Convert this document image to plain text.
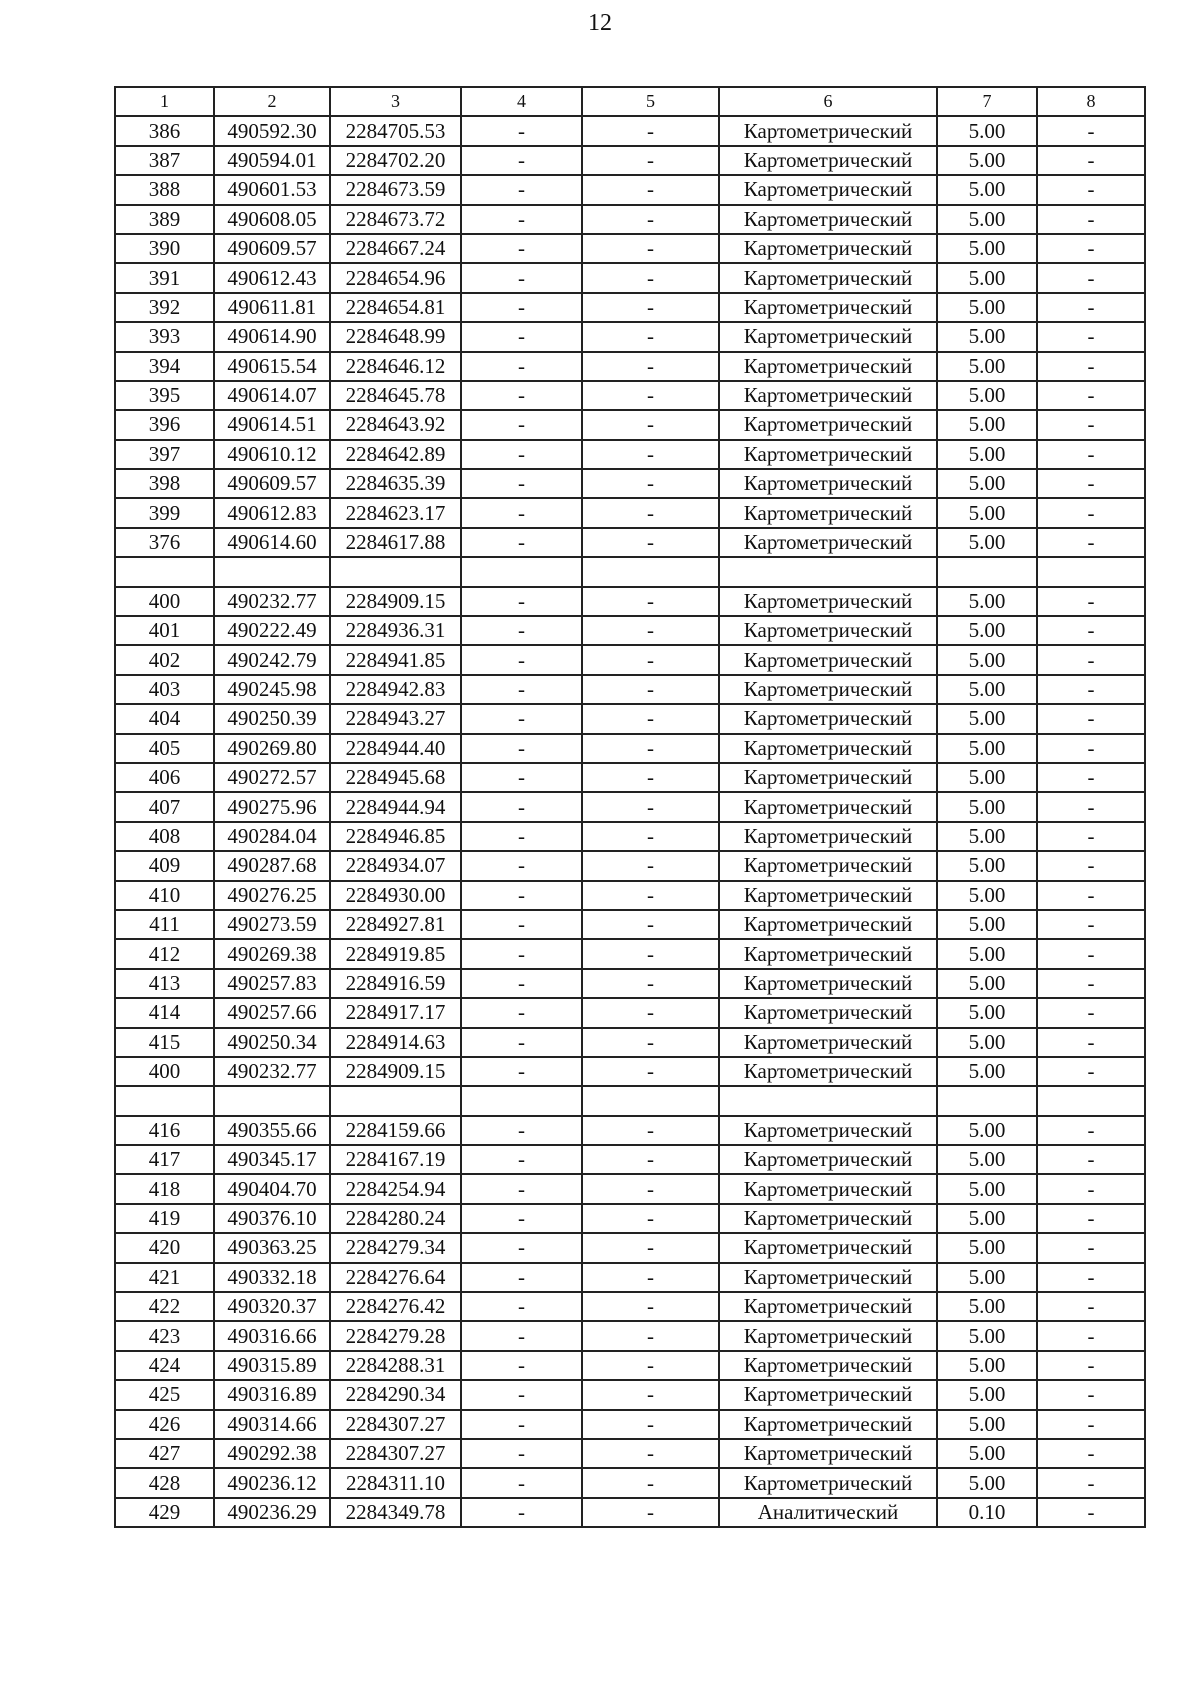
12
1	2	3	4	5	6	7	8
386	490592.30	2284705.53	-	-	Картометрический	5.00	-
387	490594.01	2284702.20	-	-	Картометрический	5.00	-
388	490601.53	2284673.59	-	-	Картометрический	5.00	-
389	490608.05	2284673.72	-	-	Картометрический	5.00	-
390	490609.57	2284667.24	-	-	Картометрический	5.00	-
391	490612.43	2284654.96	-	-	Картометрический	5.00	-
392	490611.81	2284654.81	-	-	Картометрический	5.00	-
393	490614.90	2284648.99	-	-	Картометрический	5.00	-
394	490615.54	2284646.12	-	-	Картометрический	5.00	-
395	490614.07	2284645.78	-	-	Картометрический	5.00	-
396	490614.51	2284643.92	-	-	Картометрический	5.00	-
397	490610.12	2284642.89	-	-	Картометрический	5.00	-
398	490609.57	2284635.39	-	-	Картометрический	5.00	-
399	490612.83	2284623.17	-	-	Картометрический	5.00	-
376	490614.60	2284617.88	-	-	Картометрический	5.00	-

400	490232.77	2284909.15	-	-	Картометрический	5.00	-
401	490222.49	2284936.31	-	-	Картометрический	5.00	-
402	490242.79	2284941.85	-	-	Картометрический	5.00	-
403	490245.98	2284942.83	-	-	Картометрический	5.00	-
404	490250.39	2284943.27	-	-	Картометрический	5.00	-
405	490269.80	2284944.40	-	-	Картометрический	5.00	-
406	490272.57	2284945.68	-	-	Картометрический	5.00	-
407	490275.96	2284944.94	-	-	Картометрический	5.00	-
408	490284.04	2284946.85	-	-	Картометрический	5.00	-
409	490287.68	2284934.07	-	-	Картометрический	5.00	-
410	490276.25	2284930.00	-	-	Картометрический	5.00	-
411	490273.59	2284927.81	-	-	Картометрический	5.00	-
412	490269.38	2284919.85	-	-	Картометрический	5.00	-
413	490257.83	2284916.59	-	-	Картометрический	5.00	-
414	490257.66	2284917.17	-	-	Картометрический	5.00	-
415	490250.34	2284914.63	-	-	Картометрический	5.00	-
400	490232.77	2284909.15	-	-	Картометрический	5.00	-

416	490355.66	2284159.66	-	-	Картометрический	5.00	-
417	490345.17	2284167.19	-	-	Картометрический	5.00	-
418	490404.70	2284254.94	-	-	Картометрический	5.00	-
419	490376.10	2284280.24	-	-	Картометрический	5.00	-
420	490363.25	2284279.34	-	-	Картометрический	5.00	-
421	490332.18	2284276.64	-	-	Картометрический	5.00	-
422	490320.37	2284276.42	-	-	Картометрический	5.00	-
423	490316.66	2284279.28	-	-	Картометрический	5.00	-
424	490315.89	2284288.31	-	-	Картометрический	5.00	-
425	490316.89	2284290.34	-	-	Картометрический	5.00	-
426	490314.66	2284307.27	-	-	Картометрический	5.00	-
427	490292.38	2284307.27	-	-	Картометрический	5.00	-
428	490236.12	2284311.10	-	-	Картометрический	5.00	-
429	490236.29	2284349.78	-	-	Аналитический	0.10	-
